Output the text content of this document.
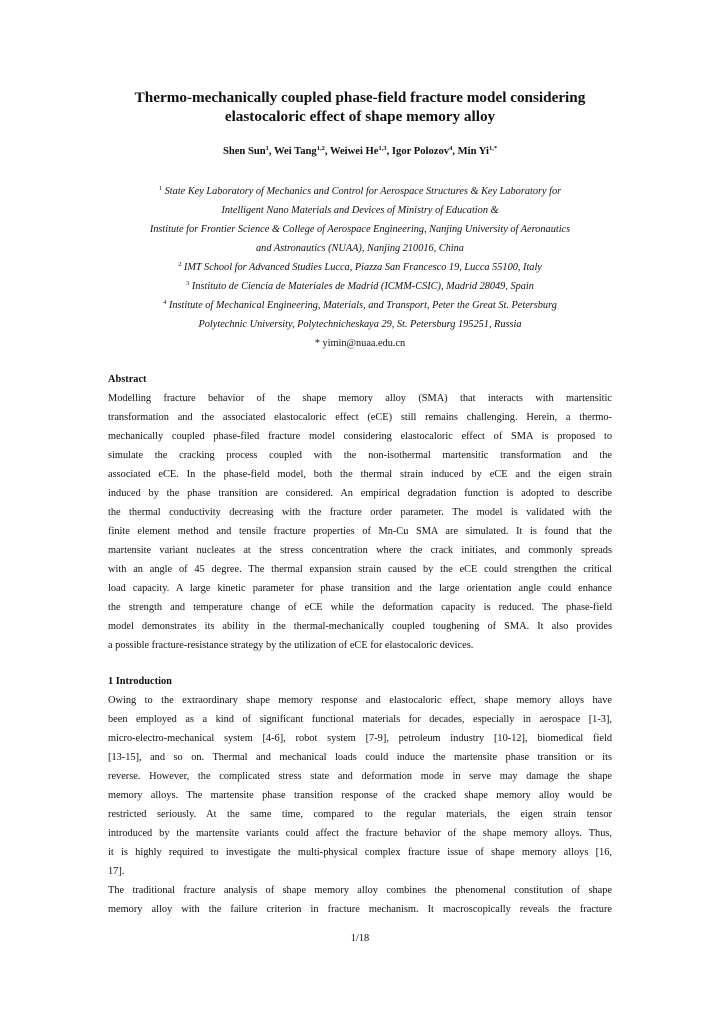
Thermo-mechanically coupled phase-field fracture model considering
elastocaloric effect of shape memory alloy
Shen Sun$^1$, Wei Tang$^{1,2}$, Weiwei He$^{1,3}$, Igor Polozov$^4$, Min $Yi^{1,*}$
$^1$ State Key Laboratory of Mechanics and Control for Aerospace Structures & Key Laboratory for
Intelligent Nano Materials and Devices of Ministry of Education &
Institute for Frontier Science & College of Aerospace Engineering, Nanjing University of Aeronautics
and Astronautics (NUAA), Nanjing 210016, China
$^2$ IMT School for Advanced Studies Lucca, Piazza San Francesco 19, Lucca 55100, Italy
$^3$ Instituto de Ciencia de Materiales de Madrid (ICMM-CSIC), Madrid 28049, Spain
$^4$ Institute of Mechanical Engineering, Materials, and Transport, Peter the Great St. Petersburg
Polytechnic University, Polytechnicheskaya 29, St. Petersburg 195251, Russia
* yimin@nuaa.edu.cn
Abstract
Modelling fracture behavior of the shape memory alloy (SMA) that interacts with martensitic
transformation and the associated elastocaloric effect (eCE) still remains challenging. Herein, a thermo-
mechanically coupled phase-filed fracture model considering elastocaloric effect of SMA is proposed to
simulate the cracking process coupled with the non-isothermal martensitic transformation and the
associated eCE. In the phase-field model, both the thermal strain induced by eCE and the eigen strain
induced by the phase transition are considered. An empirical degradation function is adopted to describe
the thermal conductivity decreasing with the fracture order parameter. The model is validated with the
finite element method and tensile fracture properties of Mn-Cu SMA are simulated. It is found that the
martensite variant nucleates at the stress concentration where the crack initiates, and commonly spreads
with an angle of 45 degree. The thermal expansion strain caused by the eCE could strengthen the critical
load capacity. A large kinetic parameter for phase transition and the large orientation angle could enhance
the strength and temperature change of eCE while the deformation capacity is reduced. The phase-field
model demonstrates its ability in the thermal-mechanically coupled toughening of SMA. It also provides
a possible fracture-resistance strategy by the utilization of eCE for elastocaloric devices.
1 Introduction
Owing to the extraordinary shape memory response and elastocaloric effect, shape memory alloys have
been employed as a kind of significant functional materials for decades, especially in aerospace [1-3],
micro-electro-mechanical system [4-6], robot system [7-9], petroleum industry [10-12], biomedical field
[13-15], and so on. Thermal and mechanical loads could induce the martensite phase transition or its
reverse. However, the complicated stress state and deformation mode in serve may damage the shape
memory alloys. The martensite phase transition response of the cracked shape memory alloy would be
restricted seriously. At the same time, compared to the regular materials, the eigen strain tensor
introduced by the martensite variants could affect the fracture behavior of the shape memory alloys. Thus,
it is highly required to investigate the multi-physical complex fracture issue of shape memory alloys [16,
17].
The traditional fracture analysis of shape memory alloy combines the phenomenal constitution of shape
memory alloy with the failure criterion in fracture mechanism. It macroscopically reveals the fracture
1/18
